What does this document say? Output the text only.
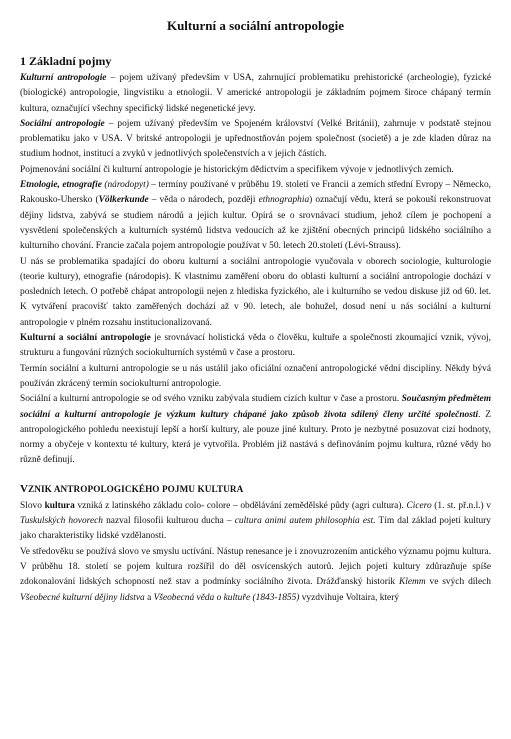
Kulturní a sociální antropologie
1 Základní pojmy

Kulturní antropologie – pojem užívaný především v USA, zahrnující problematiku prehistorické (archeologie), fyzické (biologické) antropologie, lingvistiku a etnologii. V americké antropologii je základním pojmem široce chápaný termín kultura, označující všechny specifický lidské negenetické jevy.

Sociální antropologie – pojem užívaný především ve Spojeném království (Velké Británii), zahrnuje v podstatě stejnou problematiku jako v USA. V britské antropologii je upřednostňován pojem společnost (societě) a je zde kladen důraz na studium hodnot, institucí a zvyků v jednotlivých společenstvích a v jejich částích.

Pojmenování sociální či kulturní antropologie je historickým dědictvím a specifikem vývoje v jednotlivých zemích.

Etnologie, etnografie (národopyt) – termíny používané v průběhu 19. století ve Francii a zemích střední Evropy – Německo, Rakousko-Uhersko (Völkerkunde – věda o národech, později ethnographia) označují vědu, která se pokouší rekonstruovat dějiny lidstva, zabývá se studiem národů a jejich kultur. Opírá se o srovnávací studium, jehož cílem je pochopení a vysvětlení společenských a kulturních systémů lidstva vedoucích až ke zjištění obecných principů lidského sociálního a kulturního chování. Francie začala pojem antropologie používat v 50. letech 20.století (Lévi-Strauss).

U nás se problematika spadající do oboru kulturní a sociální antropologie vyučovala v oborech sociologie, kulturologie (teorie kultury), etnografie (národopis). K vlastnímu zaměření oboru do oblasti kulturní a sociální antropologie dochází v posledních letech. O potřebě chápat antropologii nejen z hlediska fyzického, ale i kulturního se vedou diskuse již od 60. let. K vytváření pracovišť takto zaměřených dochází až v 90. letech, ale bohužel, dosud není u nás sociální a kulturní antropologie v plném rozsahu institucionalizovaná.

Kulturní a sociální antropologie je srovnávací holistická věda o člověku, kultuře a společnosti zkoumající vznik, vývoj, strukturu a fungování různých sociokulturních systémů v čase a prostoru.

Termín sociální a kulturní antropologie se u nás ustálil jako oficiální označení antropologické vědní disciplíny. Někdy bývá používán zkrácený termín sociokulturní antropologie.

Sociální a kulturní antropologie se od svého vzniku zabývala studiem cizích kultur v čase a prostoru. Současným předmětem sociální a kulturní antropologie je výzkum kultury chápané jako způsob života sdílený členy určité společnosti. Z antropologického pohledu neexistují lepší a horší kultury, ale pouze jiné kultury. Proto je nezbytné posuzovat cizí hodnoty, normy a obyčeje v kontextu té kultury, která je vytvořila. Problém již nastává s definováním pojmu kultura, různé vědy ho různě definují.

VZNIK ANTROPOLOGICKÉHO POJMU KULTURA

Slovo kultura vzniká z latinského základu colo- colore – obdělávání zemědělské půdy (agri cultura). Cicero (1. st. př.n.l.) v Tuskulských hovorech nazval filosofii kulturou ducha – cultura animi autem philosophia est. Tím dal základ pojetí kultury jako charakteristiky lidské vzdělanosti.

Ve středověku se používá slovo ve smyslu uctívání. Nástup renesance je i znovuzrozením antického významu pojmu kultura. V průběhu 18. století se pojem kultura rozšířil do děl osvícenských autorů. Jejich pojetí kultury zdůrazňuje spíše zdokonalování lidských schopností než stav a podmínky sociálního života. Drážďanský historik Klemm ve svých dílech Všeobecné kulturní dějiny lidstva a Všeobecná věda o kultuře (1843-1855) vyzdvihuje Voltaira, který
